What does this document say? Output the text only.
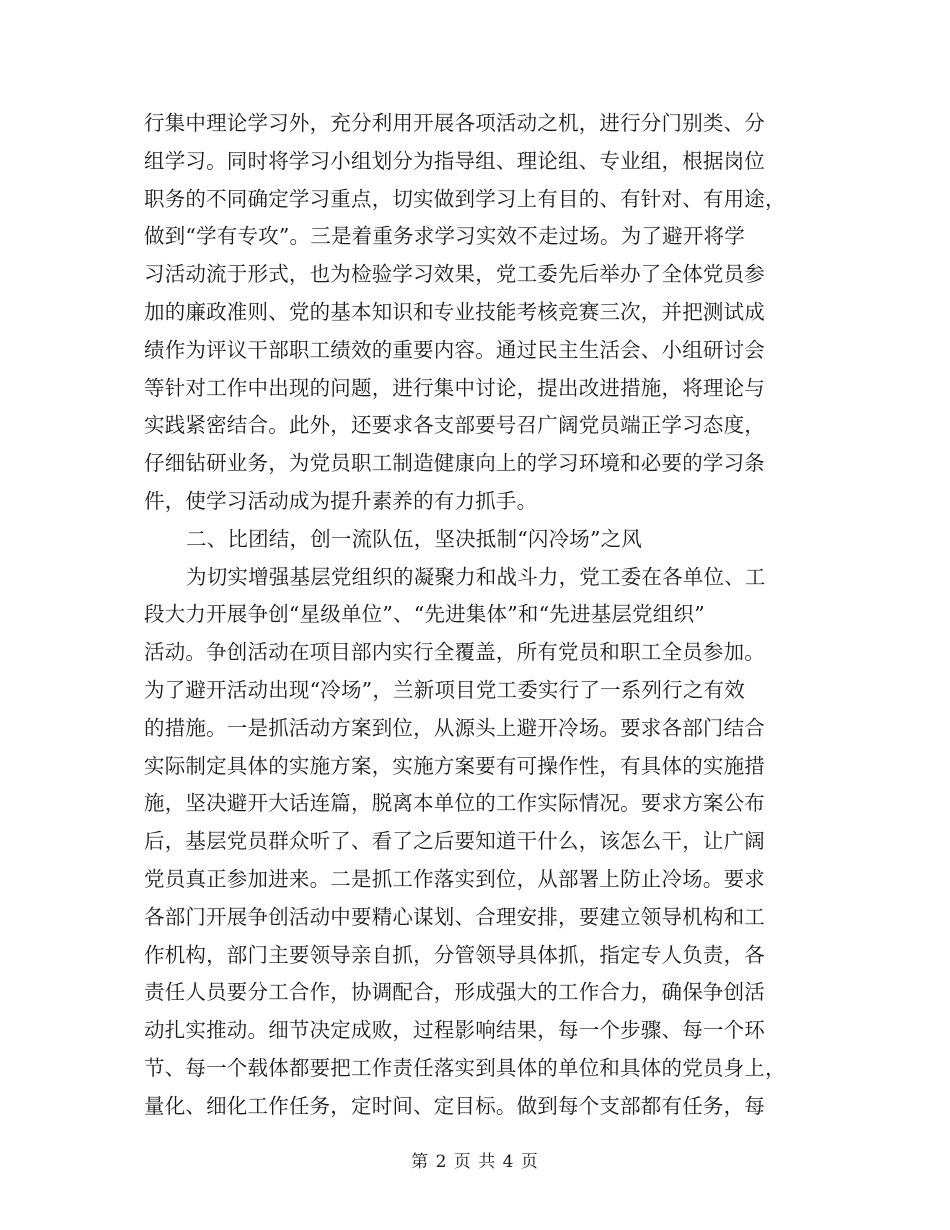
行集中理论学习外，充分利用开展各项活动之机，进行分门别类、分
组学习。同时将学习小组划分为指导组、理论组、专业组，根据岗位
职务的不同确定学习重点，切实做到学习上有目的、有针对、有用途，
做到“学有专攻”。三是着重务求学习实效不走过场。为了避开将学
习活动流于形式，也为检验学习效果，党工委先后举办了全体党员参
加的廉政准则、党的基本知识和专业技能考核竞赛三次，并把测试成
绩作为评议干部职工绩效的重要内容。通过民主生活会、小组研讨会
等针对工作中出现的问题，进行集中讨论，提出改进措施，将理论与
实践紧密结合。此外，还要求各支部要号召广阔党员端正学习态度，
仔细钻研业务，为党员职工制造健康向上的学习环境和必要的学习条
件，使学习活动成为提升素养的有力抓手。
二、比团结，创一流队伍，坚决抵制“闪冷场”之风
为切实增强基层党组织的凝聚力和战斗力，党工委在各单位、工
段大力开展争创“星级单位”、“先进集体”和“先进基层党组织”
活动。争创活动在项目部内实行全覆盖，所有党员和职工全员参加。
为了避开活动出现“冷场”，兰新项目党工委实行了一系列行之有效
的措施。一是抓活动方案到位，从源头上避开冷场。要求各部门结合
实际制定具体的实施方案，实施方案要有可操作性，有具体的实施措
施，坚决避开大话连篇，脱离本单位的工作实际情况。要求方案公布
后，基层党员群众听了、看了之后要知道干什么，该怎么干，让广阔
党员真正参加进来。二是抓工作落实到位，从部署上防止冷场。要求
各部门开展争创活动中要精心谋划、合理安排，要建立领导机构和工
作机构，部门主要领导亲自抓，分管领导具体抓，指定专人负责，各
责任人员要分工合作，协调配合，形成强大的工作合力，确保争创活
动扎实推动。细节决定成败，过程影响结果，每一个步骤、每一个环
节、每一个载体都要把工作责任落实到具体的单位和具体的党员身上，
量化、细化工作任务，定时间、定目标。做到每个支部都有任务，每
第 2 页 共 4 页
